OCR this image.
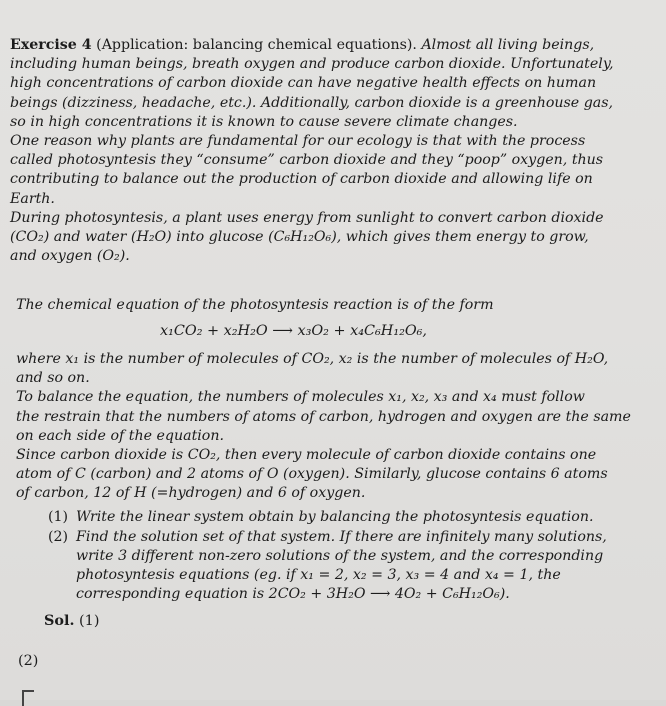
Exercise 4 (Application: balancing chemical equations). Almost all living beings,
including human beings, breath oxygen and produce carbon dioxide. Unfortunately,
high concentrations of carbon dioxide can have negative health effects on human
beings (dizziness, headache, etc.). Additionally, carbon dioxide is a greenhouse gas,
so in high concentrations it is known to cause severe climate changes.
One reason why plants are fundamental for our ecology is that with the process
called photosyntesis they “consume” carbon dioxide and they “poop” oxygen, thus
contributing to balance out the production of carbon dioxide and allowing life on
Earth.
During photosyntesis, a plant uses energy from sunlight to convert carbon dioxide
(CO₂) and water (H₂O) into glucose (C₆H₁₂O₆), which gives them energy to grow,
and oxygen (O₂).
The chemical equation of the photosyntesis reaction is of the form
x₁CO₂ + x₂H₂O ⟶ x₃O₂ + x₄C₆H₁₂O₆,
where x₁ is the number of molecules of CO₂, x₂ is the number of molecules of H₂O,
and so on.
To balance the equation, the numbers of molecules x₁, x₂, x₃ and x₄ must follow
the restrain that the numbers of atoms of carbon, hydrogen and oxygen are the same
on each side of the equation.
Since carbon dioxide is CO₂, then every molecule of carbon dioxide contains one
atom of C (carbon) and 2 atoms of O (oxygen). Similarly, glucose contains 6 atoms
of carbon, 12 of H (=hydrogen) and 6 of oxygen.
(1) Write the linear system obtain by balancing the photosyntesis equation.
(2) Find the solution set of that system. If there are infinitely many solutions,
write 3 different non-zero solutions of the system, and the corresponding
photosyntesis equations (eg. if x₁ = 2, x₂ = 3, x₃ = 4 and x₄ = 1, the
corresponding equation is 2CO₂ + 3H₂O ⟶ 4O₂ + C₆H₁₂O₆).
Sol. (1)
(2)
